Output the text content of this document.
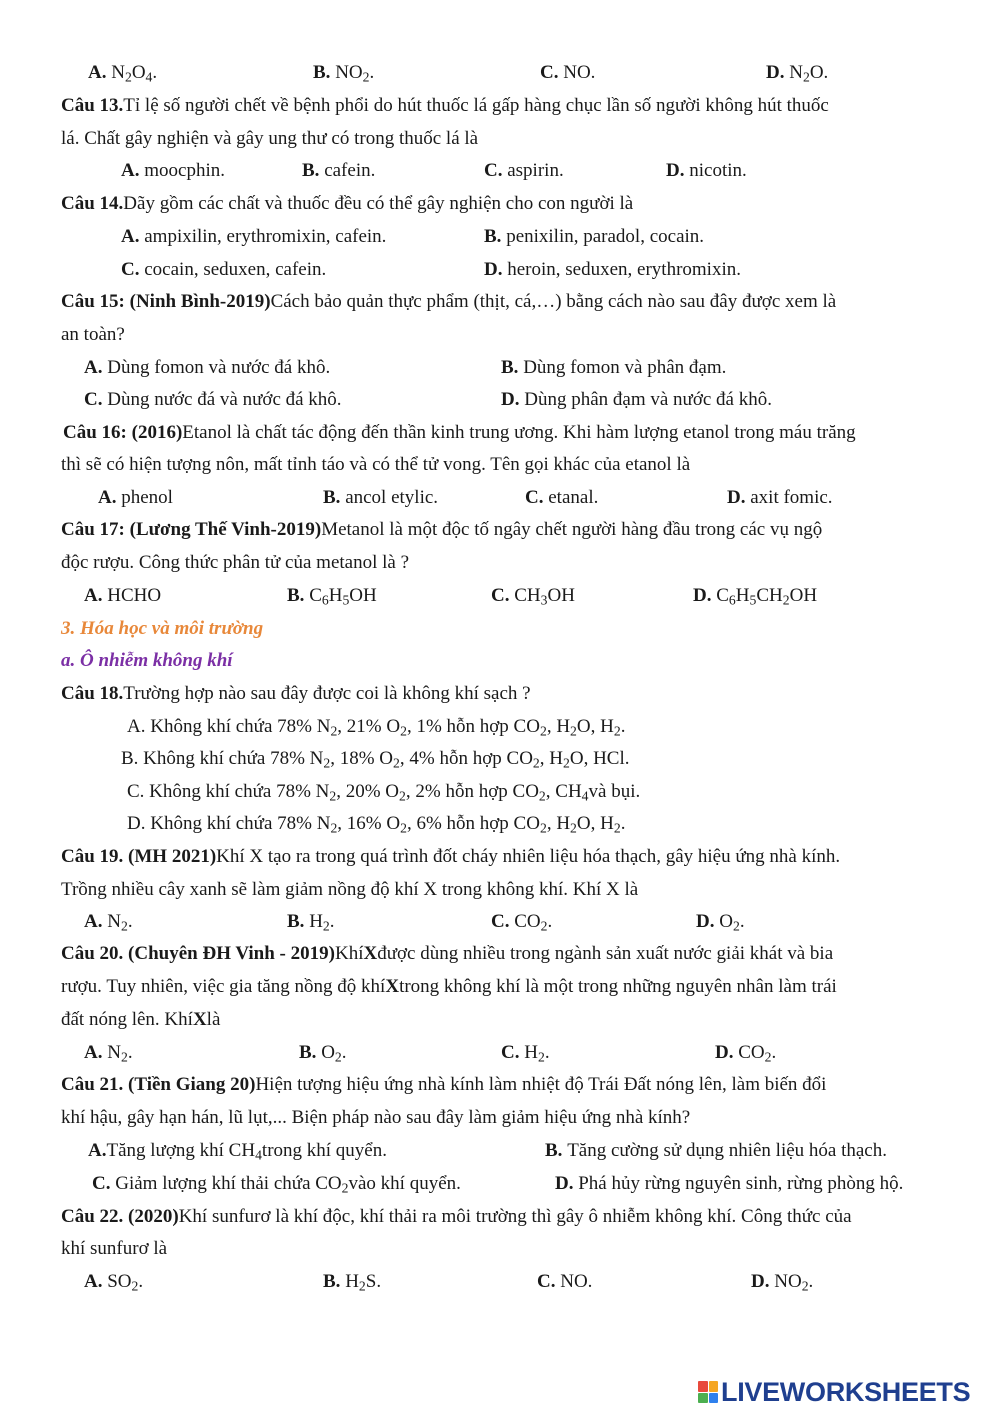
A. $N_2O_4$.	B. $NO_2$.	C. NO.	D. $N_2O$.
Câu 13.Tỉ lệ số người chết về bệnh phổi do hút thuốc lá gấp hàng chục lần số người không hút thuốc
lá. Chất gây nghiện và gây ung thư có trong thuốc lá là
A. moocphin.	B. cafein.	C. aspirin.	D. nicotin.
Câu 14.Dãy gồm các chất và thuốc đều có thể gây nghiện cho con người là
A. ampixilin, erythromixin, cafein.	B. penixilin, paradol, cocain.
C. cocain, seduxen, cafein.	D. heroin, seduxen, erythromixin.
Câu 15: (Ninh Bình-2019)Cách bảo quản thực phẩm (thịt, cá,…) bằng cách nào sau đây được xem là
an toàn?
A. Dùng fomon và nước đá khô.	B. Dùng fomon và phân đạm.
C. Dùng nước đá và nước đá khô.	D. Dùng phân đạm và nước đá khô.
Câu 16: (2016)Etanol là chất tác động đến thần kinh trung ương. Khi hàm lượng etanol trong máu trăng
thì sẽ có hiện tượng nôn, mất tỉnh táo và có thể tử vong. Tên gọi khác của etanol là
A. phenol	B. ancol etylic.	C. etanal.	D. axit fomic.
Câu 17: (Lương Thế Vinh-2019)Metanol là một độc tố ngây chết người hàng đầu trong các vụ ngộ
độc rượu. Công thức phân tử của metanol là ?
A. HCHO	B. $C_6H_5OH$	C. $CH_3OH$	D. $C_6H_5CH_2OH$
3. Hóa học và môi trường
a. Ô nhiễm không khí
Câu 18.Trường hợp nào sau đây được coi là không khí sạch ?
A. Không khí chứa 78% $N_2$, 21% $O_2$, 1% hỗn hợp $CO_2$, $H_2O$, $H_2$.
B. Không khí chứa 78% $N_2$, 18% $O_2$, 4% hỗn hợp $CO_2$, $H_2O$, HCl.
C. Không khí chứa 78% $N_2$, 20% $O_2$, 2% hỗn hợp $CO_2$, $CH_4và$ bụi.
D. Không khí chứa 78% $N_2$, 16% $O_2$, 6% hỗn hợp $CO_2$, $H_2O$, $H_2$.
Câu 19. (MH 2021)Khí X tạo ra trong quá trình đốt cháy nhiên liệu hóa thạch, gây hiệu ứng nhà kính.
Trồng nhiều cây xanh sẽ làm giảm nồng độ khí X trong không khí. Khí X là
A. $N_2$.	B. $H_2$.	C. $CO_2$.	D. $O_2$.
Câu 20. (Chuyên ĐH Vinh - 2019)KhíXđược dùng nhiều trong ngành sản xuất nước giải khát và bia
rượu. Tuy nhiên, việc gia tăng nồng độ khíXtrong không khí là một trong những nguyên nhân làm trái
đất nóng lên. KhíXlà
A. $N_2$.	B. $O_2$.	C. $H_2$.	D. $CO_2$.
Câu 21. (Tiền Giang 20)Hiện tượng hiệu ứng nhà kính làm nhiệt độ Trái Đất nóng lên, làm biến đổi
khí hậu, gây hạn hán, lũ lụt,... Biện pháp nào sau đây làm giảm hiệu ứng nhà kính?
A.Tăng lượng khí $CH_4trong$ khí quyển.	B. Tăng cường sử dụng nhiên liệu hóa thạch.
C. Giảm lượng khí thải chứa $CO_2vào$ khí quyển.	D. Phá hủy rừng nguyên sinh, rừng phòng hộ.
Câu 22. (2020)Khí sunfurơ là khí độc, khí thải ra môi trường thì gây ô nhiễm không khí. Công thức của
khí sunfurơ là
A. $SO_2$.	B. $H_2S$.	C. NO.	D. $NO_2$.
LIVEWORKSHEETS
